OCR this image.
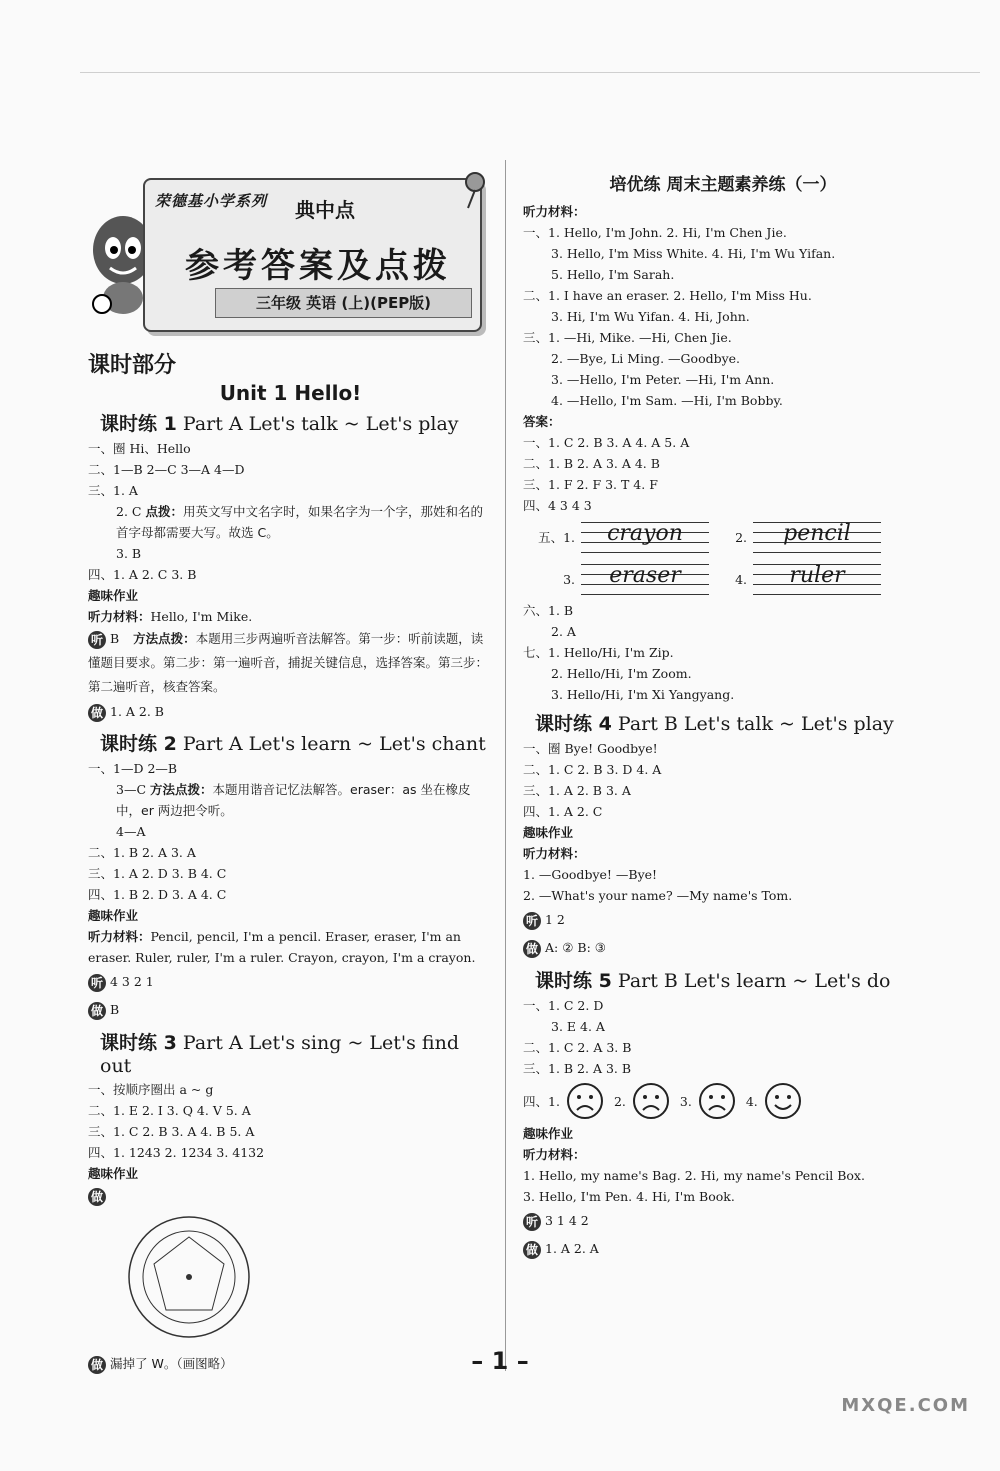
荣德基小学系列 典中点
参考答案及点拨
三年级 英语 (上)(PEP版)
课时部分
Unit 1 Hello!
课时练 1 Part A Let's talk ~ Let's play
一、圈 Hi、Hello
二、1—B 2—C 3—A 4—D
三、1. A
2. C 点拨：用英文写中文名字时，如果名字为一个字，那姓和名的首字母都需要大写。故选 C。
3. B
四、1. A 2. C 3. B
趣味作业
听力材料：Hello, I'm Mike.
听 B 方法点拨：本题用三步两遍听音法解答。第一步：听前读题，读懂题目要求。第二步：第一遍听音，捕捉关键信息，选择答案。第三步：第二遍听音，核查答案。
做 1. A 2. B
课时练 2 Part A Let's learn ~ Let's chant
一、1—D 2—B
3—C 方法点拨：本题用谐音记忆法解答。eraser：as 坐在橡皮中，er 两边把令听。
4—A
二、1. B 2. A 3. A
三、1. A 2. D 3. B 4. C
四、1. B 2. D 3. A 4. C
趣味作业
听力材料：Pencil, pencil, I'm a pencil. Eraser, eraser, I'm an eraser. Ruler, ruler, I'm a ruler. Crayon, crayon, I'm a crayon.
听 4 3 2 1
做 B
课时练 3 Part A Let's sing ~ Let's find out
一、按顺序圈出 a ~ g
二、1. E 2. I 3. Q 4. V 5. A
三、1. C 2. B 3. A 4. B 5. A
四、1. 1243 2. 1234 3. 4132
趣味作业
做
做 漏掉了 W。（画图略）
培优练 周末主题素养练（一）
听力材料：
一、1. Hello, I'm John. 2. Hi, I'm Chen Jie.
3. Hello, I'm Miss White. 4. Hi, I'm Wu Yifan.
5. Hello, I'm Sarah.
二、1. I have an eraser. 2. Hello, I'm Miss Hu.
3. Hi, I'm Wu Yifan. 4. Hi, John.
三、1. —Hi, Mike. —Hi, Chen Jie.
2. —Bye, Li Ming. —Goodbye.
3. —Hello, I'm Peter. —Hi, I'm Ann.
4. —Hello, I'm Sam. —Hi, I'm Bobby.
答案：
一、1. C 2. B 3. A 4. A 5. A
二、1. B 2. A 3. A 4. B
三、1. F 2. F 3. T 4. F
四、4 3 4 3
五、1.	crayon	2.	pencil
3.	eraser	4.	ruler
六、1. B
2. A
七、1. Hello/Hi, I'm Zip.
2. Hello/Hi, I'm Zoom.
3. Hello/Hi, I'm Xi Yangyang.
课时练 4 Part B Let's talk ~ Let's play
一、圈 Bye! Goodbye!
二、1. C 2. B 3. D 4. A
三、1. A 2. B 3. A
四、1. A 2. C
趣味作业
听力材料：
1. —Goodbye! —Bye!
2. —What's your name? —My name's Tom.
听 1 2
做 A: ② B: ③
课时练 5 Part B Let's learn ~ Let's do
一、1. C 2. D
3. E 4. A
二、1. C 2. A 3. B
三、1. B 2. A 3. B
四、1.	2.	3.	4.
趣味作业
听力材料：
1. Hello, my name's Bag. 2. Hi, my name's Pencil Box.
3. Hello, I'm Pen. 4. Hi, I'm Book.
听 3 1 4 2
做 1. A 2. A
– 1 –
MXQE.COM
